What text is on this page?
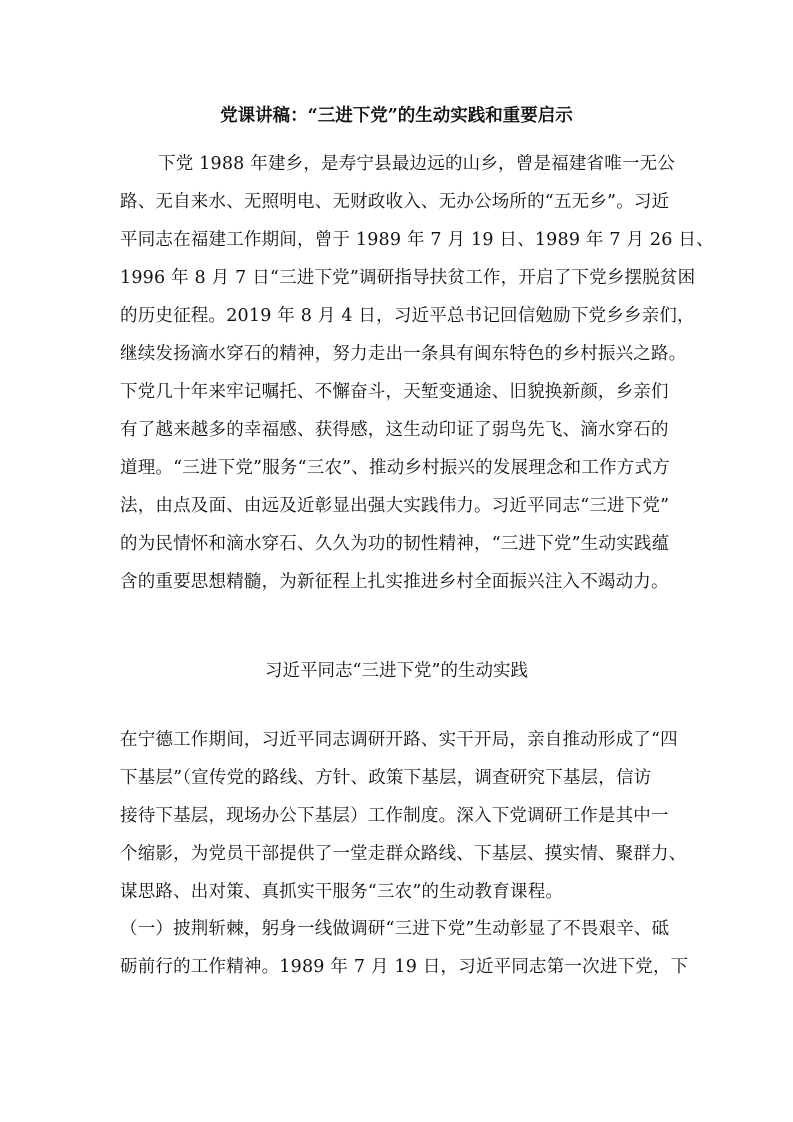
党课讲稿：“三进下党”的生动实践和重要启示
下党 1988 年建乡，是寿宁县最边远的山乡，曾是福建省唯一无公
路、无自来水、无照明电、无财政收入、无办公场所的“五无乡”。习近
平同志在福建工作期间，曾于 1989 年 7 月 19 日、1989 年 7 月 26 日、
1996 年 8 月 7 日“三进下党”调研指导扶贫工作，开启了下党乡摆脱贫困
的历史征程。2019 年 8 月 4 日，习近平总书记回信勉励下党乡乡亲们，
继续发扬滴水穿石的精神，努力走出一条具有闽东特色的乡村振兴之路。
下党几十年来牢记嘱托、不懈奋斗，天堑变通途、旧貌换新颜，乡亲们
有了越来越多的幸福感、获得感，这生动印证了弱鸟先飞、滴水穿石的
道理。“三进下党”服务“三农”、推动乡村振兴的发展理念和工作方式方
法，由点及面、由远及近彰显出强大实践伟力。习近平同志“三进下党”
的为民情怀和滴水穿石、久久为功的韧性精神，“三进下党”生动实践蕴
含的重要思想精髓，为新征程上扎实推进乡村全面振兴注入不竭动力。
习近平同志“三进下党”的生动实践
在宁德工作期间，习近平同志调研开路、实干开局，亲自推动形成了“四
下基层”（宣传党的路线、方针、政策下基层，调查研究下基层，信访
接待下基层，现场办公下基层）工作制度。深入下党调研工作是其中一
个缩影，为党员干部提供了一堂走群众路线、下基层、摸实情、聚群力、
谋思路、出对策、真抓实干服务“三农”的生动教育课程。
（一）披荆斩棘，躬身一线做调研“三进下党”生动彰显了不畏艰辛、砥
砺前行的工作精神。1989 年 7 月 19 日，习近平同志第一次进下党，下
